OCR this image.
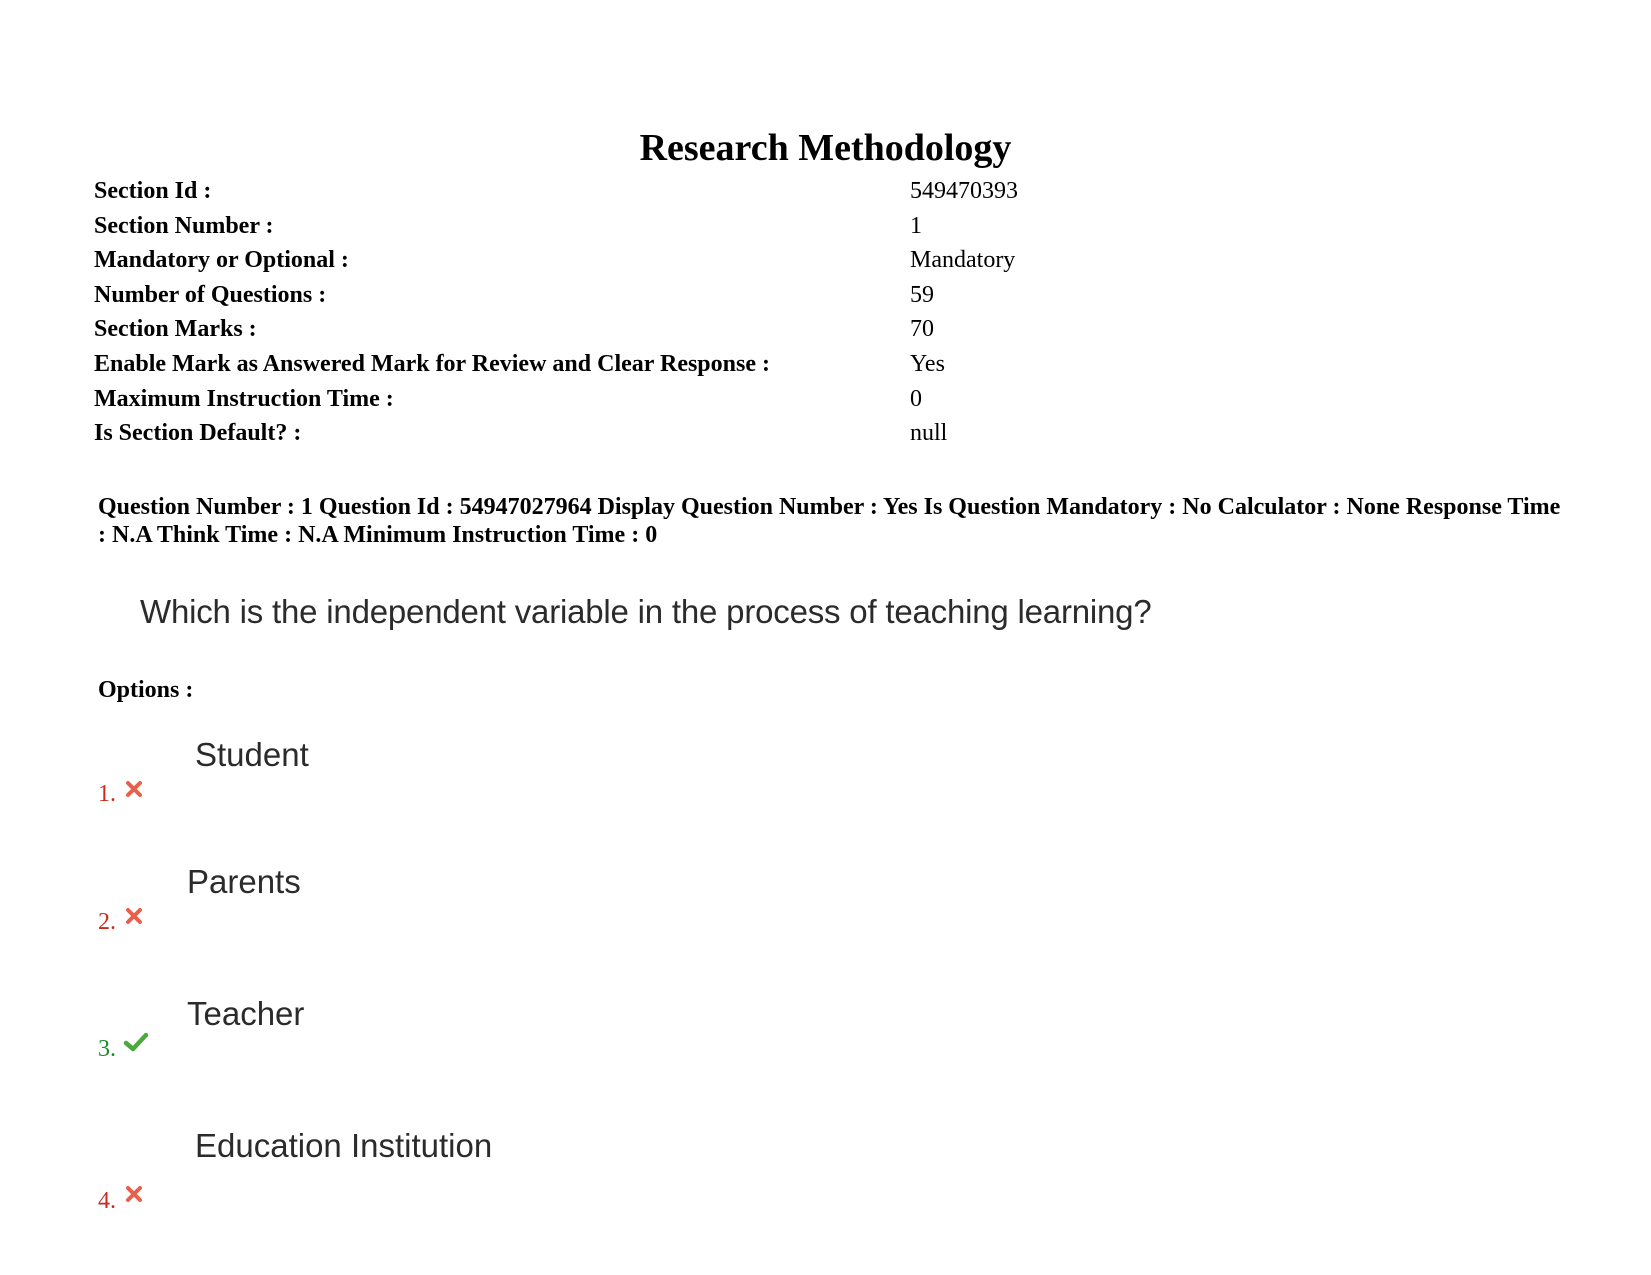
Research Methodology
Section Id :	549470393
Section Number :	1
Mandatory or Optional :	Mandatory
Number of Questions :	59
Section Marks :	70
Enable Mark as Answered Mark for Review and Clear Response :	Yes
Maximum Instruction Time :	0
Is Section Default? :	null
Question Number : 1 Question Id : 54947027964 Display Question Number : Yes Is Question Mandatory : No Calculator : None Response Time : N.A Think Time : N.A Minimum Instruction Time : 0
Which is the independent variable in the process of teaching learning?
Options :
Student
1.
Parents
2.
Teacher
3.
Education Institution
4.
